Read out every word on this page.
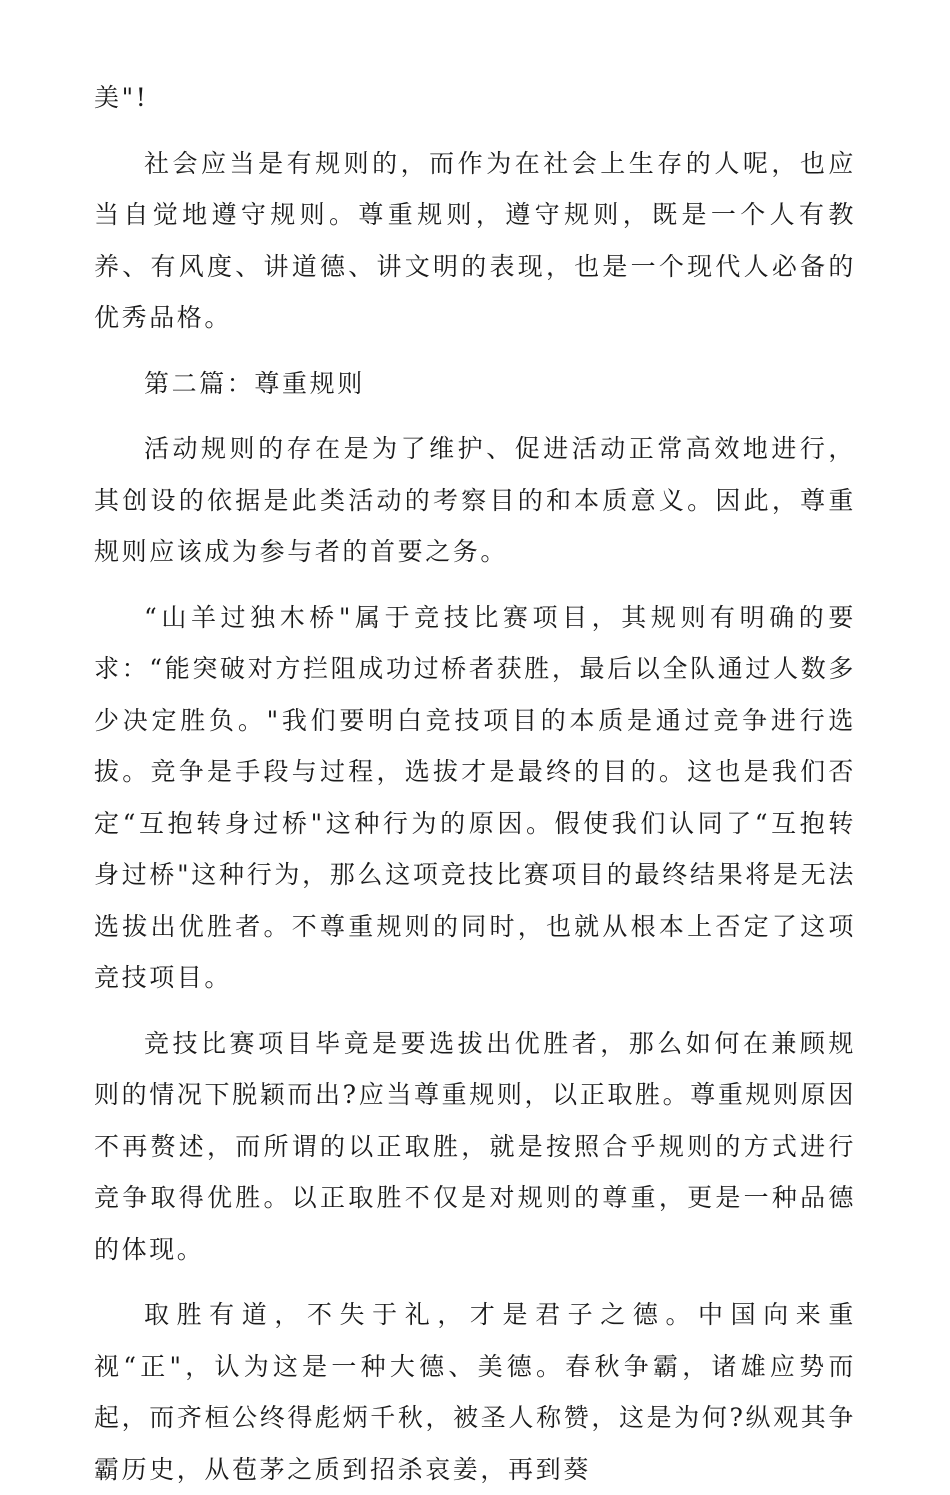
美"!

社会应当是有规则的，而作为在社会上生存的人呢，也应当自觉地遵守规则。尊重规则，遵守规则，既是一个人有教养、有风度、讲道德、讲文明的表现，也是一个现代人必备的优秀品格。

第二篇：尊重规则

活动规则的存在是为了维护、促进活动正常高效地进行，其创设的依据是此类活动的考察目的和本质意义。因此，尊重规则应该成为参与者的首要之务。

“山羊过独木桥"属于竞技比赛项目，其规则有明确的要求：“能突破对方拦阻成功过桥者获胜，最后以全队通过人数多少决定胜负。"我们要明白竞技项目的本质是通过竞争进行选拔。竞争是手段与过程，选拔才是最终的目的。这也是我们否定“互抱转身过桥"这种行为的原因。假使我们认同了“互抱转身过桥"这种行为，那么这项竞技比赛项目的最终结果将是无法选拔出优胜者。不尊重规则的同时，也就从根本上否定了这项竞技项目。

竞技比赛项目毕竟是要选拔出优胜者，那么如何在兼顾规则的情况下脱颖而出?应当尊重规则，以正取胜。尊重规则原因不再赘述，而所谓的以正取胜，就是按照合乎规则的方式进行竞争取得优胜。以正取胜不仅是对规则的尊重，更是一种品德的体现。

取胜有道，不失于礼，才是君子之德。中国向来重视“正"，认为这是一种大德、美德。春秋争霸，诸雄应势而起，而齐桓公终得彪炳千秋，被圣人称赞，这是为何?纵观其争霸历史，从苞茅之质到招杀哀姜，再到葵
